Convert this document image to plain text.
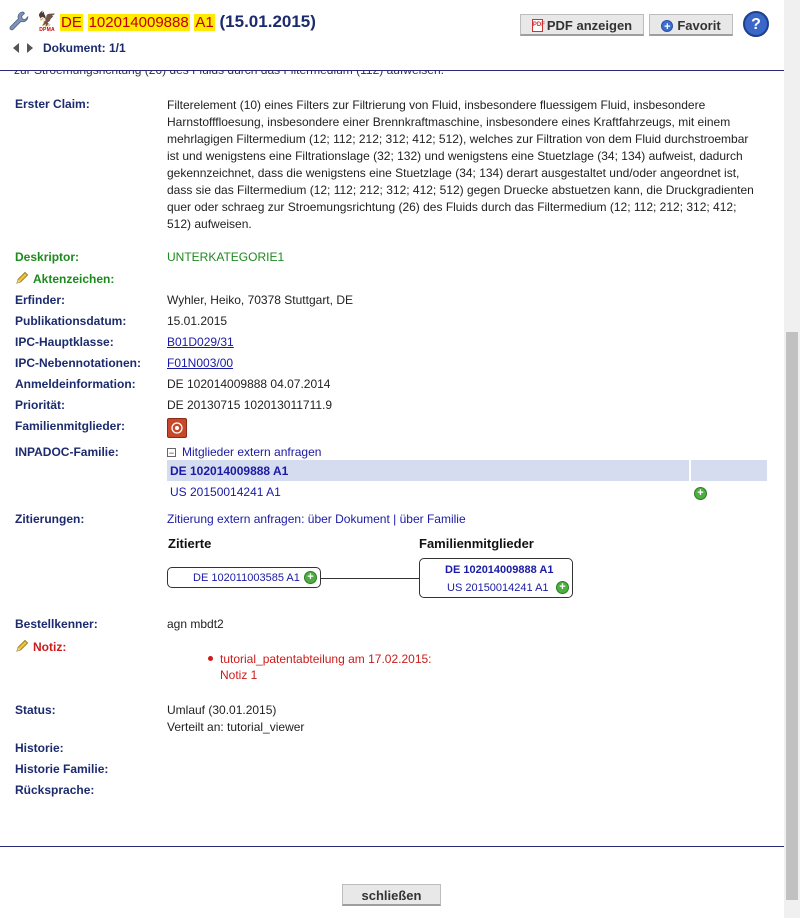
🦅
DPMA DE 102014009888 A1 (15.01.2015)
Dokument: 1/1
PDF PDF anzeigen	+ Favorit	?
Erster Claim:	Filterelement (10) eines Filters zur Filtrierung von Fluid, insbesondere fluessigem Fluid, insbesondere Harnstofffloesung, insbesondere einer Brennkraftmaschine, insbesondere eines Kraftfahrzeugs, mit einem mehrlagigen Filtermedium (12; 112; 212; 312; 412; 512), welches zur Filtration von dem Fluid durchstroembar ist und wenigstens eine Filtrationslage (32; 132) und wenigstens eine Stuetzlage (34; 134) aufweist, dadurch gekennzeichnet, dass die wenigstens eine Stuetzlage (34; 134) derart ausgestaltet und/oder angeordnet ist, dass sie das Filtermedium (12; 112; 212; 312; 412; 512) gegen Druecke abstuetzen kann, die Druckgradienten quer oder schraeg zur Stroemungsrichtung (26) des Fluids durch das Filtermedium (12; 112; 212; 312; 412; 512) aufweisen.
Deskriptor:	UNTERKATEGORIE1
Aktenzeichen:
Erfinder:	Wyhler, Heiko, 70378 Stuttgart, DE
Publikationsdatum:	15.01.2015
IPC-Hauptklasse:	B01D029/31
IPC-Nebennotationen: F01N003/00
Anmeldeinformation:	DE 102014009888 04.07.2014
Priorität:	DE 20130715 102013011711.9
Familienmitglieder:
INPADOC-Familie:	− Mitglieder extern anfragen
DE 102014009888 A1
US 20150014241 A1	+
Zitierungen:	Zitierung extern anfragen: über Dokument | über Familie
Zitierte	Familienmitglieder
DE 102011003585 A1 +
DE 102014009888 A1
US 20150014241 A1 +
Bestellkenner:	agn mbdt2
Notiz:
tutorial_patentabteilung am 17.02.2015:
Notiz 1
Status:	Umlauf (30.01.2015)
Verteilt an: tutorial_viewer
Historie:
Historie Familie:
Rücksprache:
schließen
